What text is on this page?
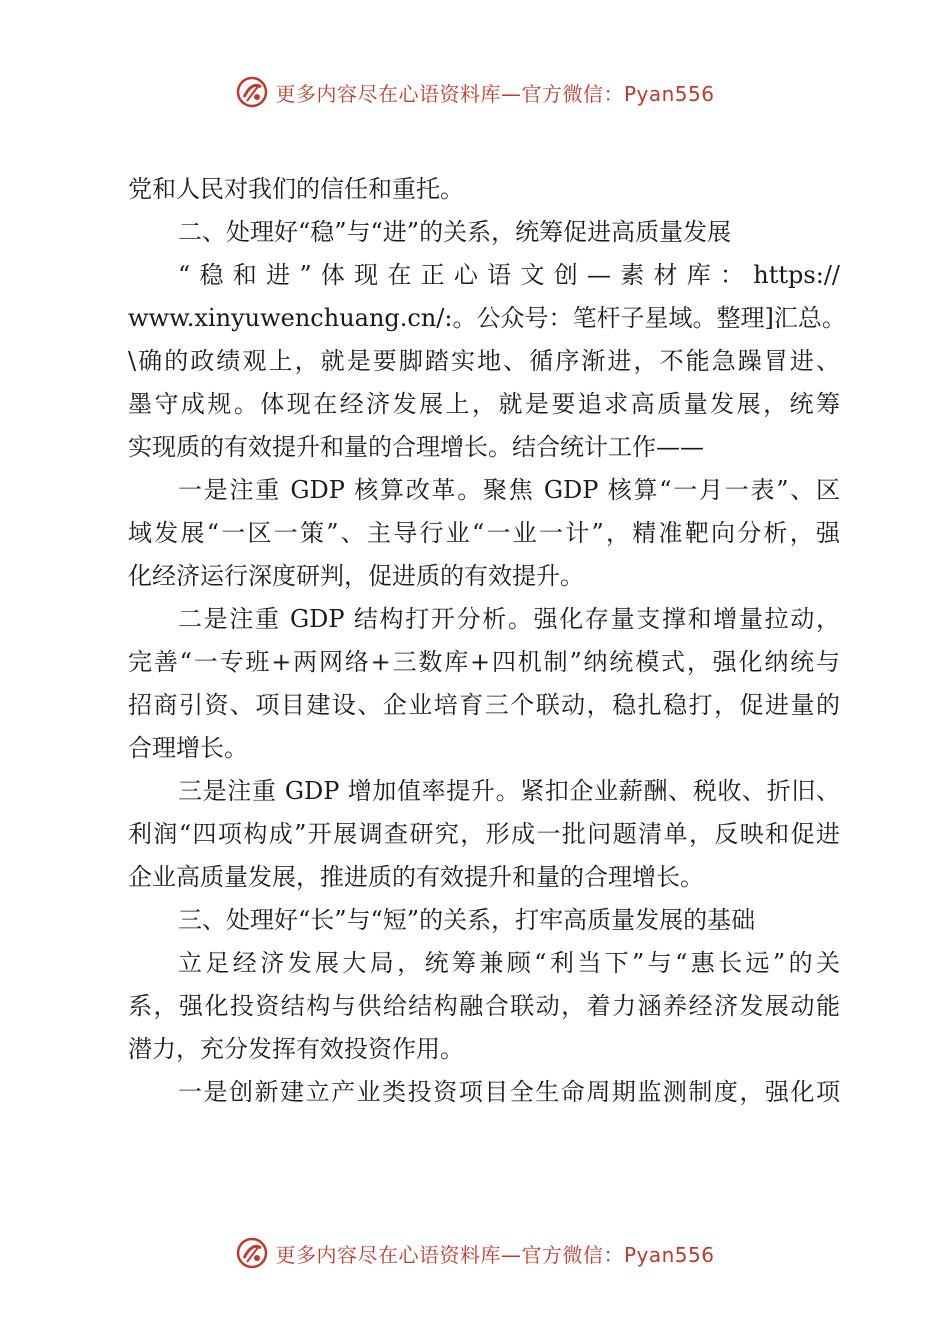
更多内容尽在心语资料库—官方微信：Pyan556
党和人民对我们的信任和重托。
二、处理好“稳”与“进”的关系，统筹促进高质量发展
“稳和进”体现在正心语文创—素材库：https://
www.xinyuwenchuang.cn/:。公众号：笔杆子星域。整理]汇总。
\确的政绩观上，就是要脚踏实地、循序渐进，不能急躁冒进、
墨守成规。体现在经济发展上，就是要追求高质量发展，统筹
实现质的有效提升和量的合理增长。结合统计工作——
一是注重 GDP 核算改革。聚焦 GDP 核算“一月一表”、区
域发展“一区一策”、主导行业“一业一计”，精准靶向分析，强
化经济运行深度研判，促进质的有效提升。
二是注重 GDP 结构打开分析。强化存量支撑和增量拉动，
完善“一专班+两网络+三数库+四机制”纳统模式，强化纳统与
招商引资、项目建设、企业培育三个联动，稳扎稳打，促进量的
合理增长。
三是注重 GDP 增加值率提升。紧扣企业薪酬、税收、折旧、
利润“四项构成”开展调查研究，形成一批问题清单，反映和促进
企业高质量发展，推进质的有效提升和量的合理增长。
三、处理好“长”与“短”的关系，打牢高质量发展的基础
立足经济发展大局，统筹兼顾“利当下”与“惠长远”的关
系，强化投资结构与供给结构融合联动，着力涵养经济发展动能
潜力，充分发挥有效投资作用。
一是创新建立产业类投资项目全生命周期监测制度，强化项
更多内容尽在心语资料库—官方微信：Pyan556
